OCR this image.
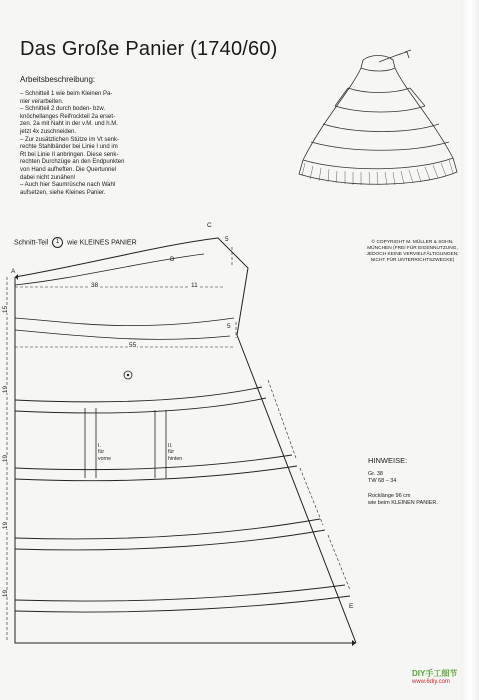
Das Große Panier (1740/60)
Arbeitsbeschreibung:
– Schnitteil 1 wie beim Kleinen Pa-
nier verarbeiten.
– Schnitteil 2 durch boden- bzw.
knöchellanges Reifrockteil 2a erset-
zen. 2a mit Naht in der v.M. und h.M.
jetzt 4x zuschneiden.
– Zur zusätzlichen Stütze im Vt senk-
rechte Stahlbänder bei Linie I und im
Rt bei Linie II anbringen. Diese senk-
rechten Durchzüge an den Endpunkten
von Hand aufheften. Die Quertunnel
dabei nicht zunähen!
– Auch hier Saumrüsche nach Wahl
aufsetzen, siehe Kleines Panier.
© COPYRIGHT M. MÜLLER & SOHN,
MÜNCHEN (FREI FÜR EIGENNUTZUNG,
JEDOCH KEINE VERVIELFÄLTIGUNGEN;
NICHT FÜR UNTERRICHTSZWECKE)
Schnitt-Teil 1 wie KLEINES PANIER
B
C
A
E
38	11
5
5
55
15
19
19
19
19
I.
für
vorne
II.
für
hinten	HINWEISE:
Gr. 38
TW 68 – 34
Rocklänge 96 cm
wie beim KLEINEN PANIER.
DIY手工细节
www.6diy.com
